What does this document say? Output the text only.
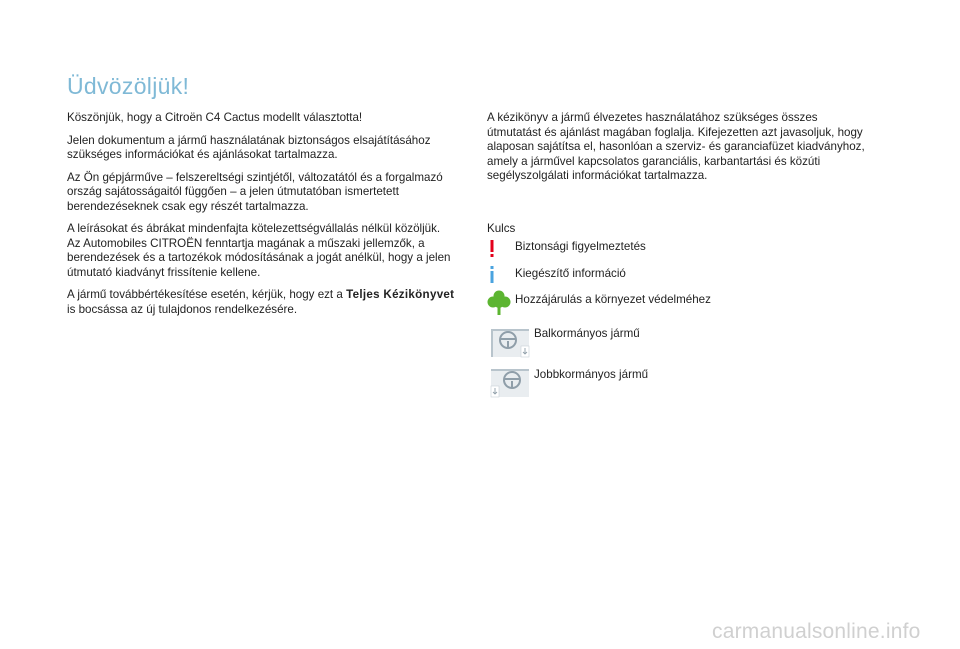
Üdvözöljük!

Köszönjük, hogy a Citroën C4 Cactus modellt választotta!

Jelen dokumentum a jármű használatának biztonságos elsajátításához szükséges információkat és ajánlásokat tartalmazza.

Az Ön gépjárműve – felszereltségi szintjétől, változatától és a forgalmazó ország sajátosságaitól függően – a jelen útmutatóban ismertetett berendezéseknek csak egy részét tartalmazza.

A leírásokat és ábrákat mindenfajta kötelezettségvállalás nélkül közöljük.

Az Automobiles CITROËN fenntartja magának a műszaki jellemzők, a berendezések és a tartozékok módosításának a jogát anélkül, hogy a jelen útmutató kiadványt frissítenie kellene.

A jármű továbbértékesítése esetén, kérjük, hogy ezt a Teljes Kézikönyvet is bocsássa az új tulajdonos rendelkezésére.

A kézikönyv a jármű élvezetes használatához szükséges összes útmutatást és ajánlást magában foglalja. Kifejezetten azt javasoljuk, hogy alaposan sajátítsa el, hasonlóan a szerviz- és garanciafüzet kiadványhoz, amely a járművel kapcsolatos garanciális, karbantartási és közúti segélyszolgálati információkat tartalmazza.

Kulcs
Biztonsági figyelmeztetés
Kiegészítő információ
Hozzájárulás a környezet védelméhez
Balkormányos jármű
Jobbkormányos jármű
carmanualsonline.info
